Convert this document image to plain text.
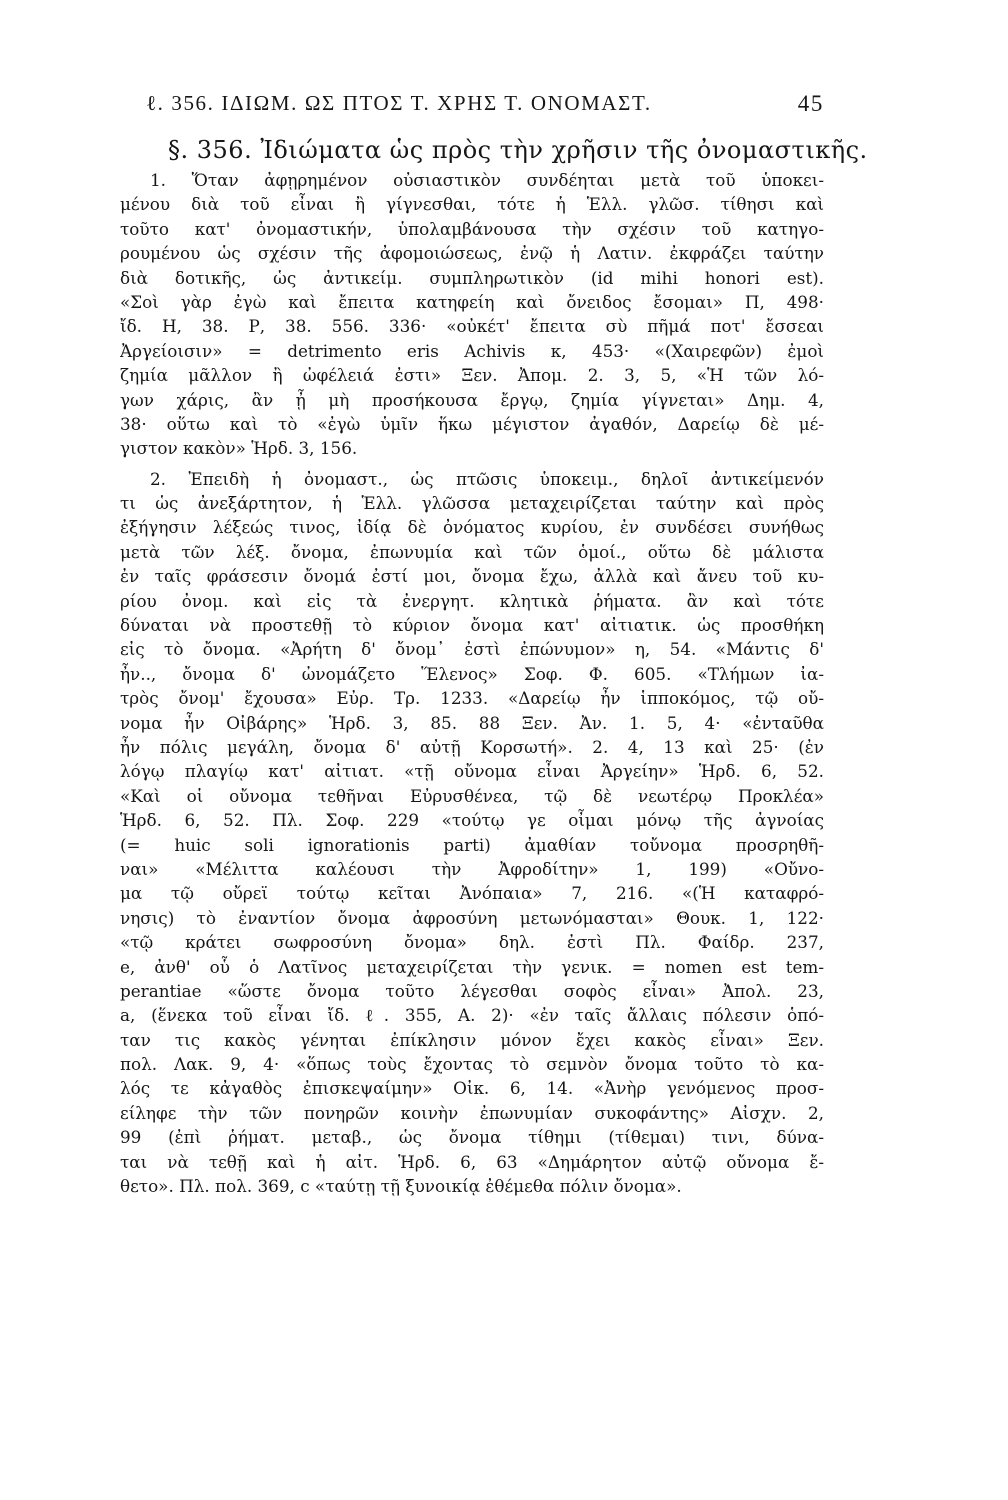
ℓ. 356. ΙΔΙΩΜ. ΩΣ ΠΤΟΣ Τ. ΧΡΗΣ Τ. ΟΝΟΜΑΣΤ.	45
§. 356. Ἰδιώματα ὡς πρὸς τὴν χρῆσιν τῆς ὀνομαστικῆς.
1. Ὅταν ἀφῃρημένον οὐσιαστικὸν συνδέηται μετὰ τοῦ ὑποκει-
μένου διὰ τοῦ εἶναι ἢ γίγνεσθαι, τότε ἡ Ἑλλ. γλῶσ. τίθησι καὶ
τοῦτο κατ' ὀνομαστικήν, ὑπολαμβάνουσα τὴν σχέσιν τοῦ κατηγο-
ρουμένου ὡς σχέσιν τῆς ἀφομοιώσεως, ἐνῷ ἡ Λατιν. ἐκφράζει ταύτην
διὰ δοτικῆς, ὡς ἀντικείμ. συμπληρωτικὸν (id mihi honori est).
«Σοὶ γὰρ ἐγὼ καὶ ἔπειτα κατηφείη καὶ ὄνειδος ἔσομαι» Π, 498·
ἴδ. Η, 38. Ρ, 38. 556. 336· «οὐκέτ' ἔπειτα σὺ πῆμά ποτ' ἔσσεαι
Ἀργείοισιν» = detrimento eris Achivis κ, 453· «(Χαιρεφῶν) ἐμοὶ
ζημία μᾶλλον ἢ ὠφέλειά ἐστι» Ξεν. Ἀπομ. 2. 3, 5, «Ἡ τῶν λό-
γων χάρις, ἂν ᾖ μὴ προσήκουσα ἔργῳ, ζημία γίγνεται» Δημ. 4,
38· οὕτω καὶ τὸ «ἐγὼ ὑμῖν ἥκω μέγιστον ἀγαθόν, Δαρείῳ δὲ μέ-
γιστον κακὸν» Ἡρδ. 3, 156.
2. Ἐπειδὴ ἡ ὀνομαστ., ὡς πτῶσις ὑποκειμ., δηλοῖ ἀντικείμενόν
τι ὡς ἀνεξάρτητον, ἡ Ἑλλ. γλῶσσα μεταχειρίζεται ταύτην καὶ πρὸς
ἐξήγησιν λέξεώς τινος, ἰδίᾳ δὲ ὀνόματος κυρίου, ἐν συνδέσει συνήθως
μετὰ τῶν λέξ. ὄνομα, ἐπωνυμία καὶ τῶν ὁμοί., οὕτω δὲ μάλιστα
ἐν ταῖς φράσεσιν ὄνομά ἐστί μοι, ὄνομα ἔχω, ἀλλὰ καὶ ἄνευ τοῦ κυ-
ρίου ὀνομ. καὶ εἰς τὰ ἐνεργητ. κλητικὰ ῥήματα. ἂν καὶ τότε
δύναται νὰ προστεθῇ τὸ κύριον ὄνομα κατ' αἰτιατικ. ὡς προσθήκη
εἰς τὸ ὄνομα. «Ἀρήτη δ' ὄνομ᾽ ἐστὶ ἐπώνυμον» η, 54. «Μάντις δ'
ἦν.., ὄνομα δ' ὠνομάζετο Ἕλενος» Σοφ. Φ. 605. «Τλήμων ἰα-
τρὸς ὄνομ' ἔχουσα» Εὐρ. Τρ. 1233. «Δαρείῳ ἦν ἱπποκόμος, τῷ οὔ-
νομα ἦν Οἰβάρης» Ἡρδ. 3, 85. 88 Ξεν. Ἀν. 1. 5, 4· «ἐνταῦθα
ἦν πόλις μεγάλη, ὄνομα δ' αὐτῇ Κορσωτή». 2. 4, 13 καὶ 25· (ἐν
λόγῳ πλαγίῳ κατ' αἰτιατ. «τῇ οὔνομα εἶναι Ἀργείην» Ἡρδ. 6, 52.
«Καὶ οἱ οὔνομα τεθῆναι Εὐρυσθένεα, τῷ δὲ νεωτέρῳ Προκλέα»
Ἡρδ. 6, 52. Πλ. Σοφ. 229 «τούτῳ γε οἶμαι μόνῳ τῆς ἀγνοίας
(= huic soli ignorationis parti) ἀμαθίαν τοὔνομα προσρηθῆ-
ναι» «Μέλιττα καλέουσι τὴν Ἀφροδίτην» 1, 199) «Οὔνο-
μα τῷ οὔρεϊ τούτῳ κεῖται Ἀνόπαια» 7, 216. «(Ἡ καταφρό-
νησις) τὸ ἐναντίον ὄνομα ἀφροσύνη μετωνόμασται» Θουκ. 1, 122·
«τῷ κράτει σωφροσύνη ὄνομα» δηλ. ἐστὶ Πλ. Φαίδρ. 237,
e, ἀνθ' οὗ ὁ Λατῖνος μεταχειρίζεται τὴν γενικ. = nomen est tem-
perantiae «ὥστε ὄνομα τοῦτο λέγεσθαι σοφὸς εἶναι» Ἀπολ. 23,
a, (ἕνεκα τοῦ εἶναι ἴδ. ℓ. 355, Α. 2)· «ἐν ταῖς ἄλλαις πόλεσιν ὁπό-
ταν τις κακὸς γένηται ἐπίκλησιν μόνον ἔχει κακὸς εἶναι» Ξεν.
πολ. Λακ. 9, 4· «ὅπως τοὺς ἔχοντας τὸ σεμνὸν ὄνομα τοῦτο τὸ κα-
λός τε κἀγαθὸς ἐπισκεψαίμην» Οἰκ. 6, 14. «Ἀνὴρ γενόμενος προσ-
είληφε τὴν τῶν πονηρῶν κοινὴν ἐπωνυμίαν συκοφάντης» Αἰσχν. 2,
99 (ἐπὶ ῥήματ. μεταβ., ὡς ὄνομα τίθημι (τίθεμαι) τινι, δύνα-
ται νὰ τεθῇ καὶ ἡ αἰτ. Ἡρδ. 6, 63 «Δημάρητον αὐτῷ οὔνομα ἔ-
θετο». Πλ. πολ. 369, c «ταύτῃ τῇ ξυνοικίᾳ ἐθέμεθα πόλιν ὄνομα».
